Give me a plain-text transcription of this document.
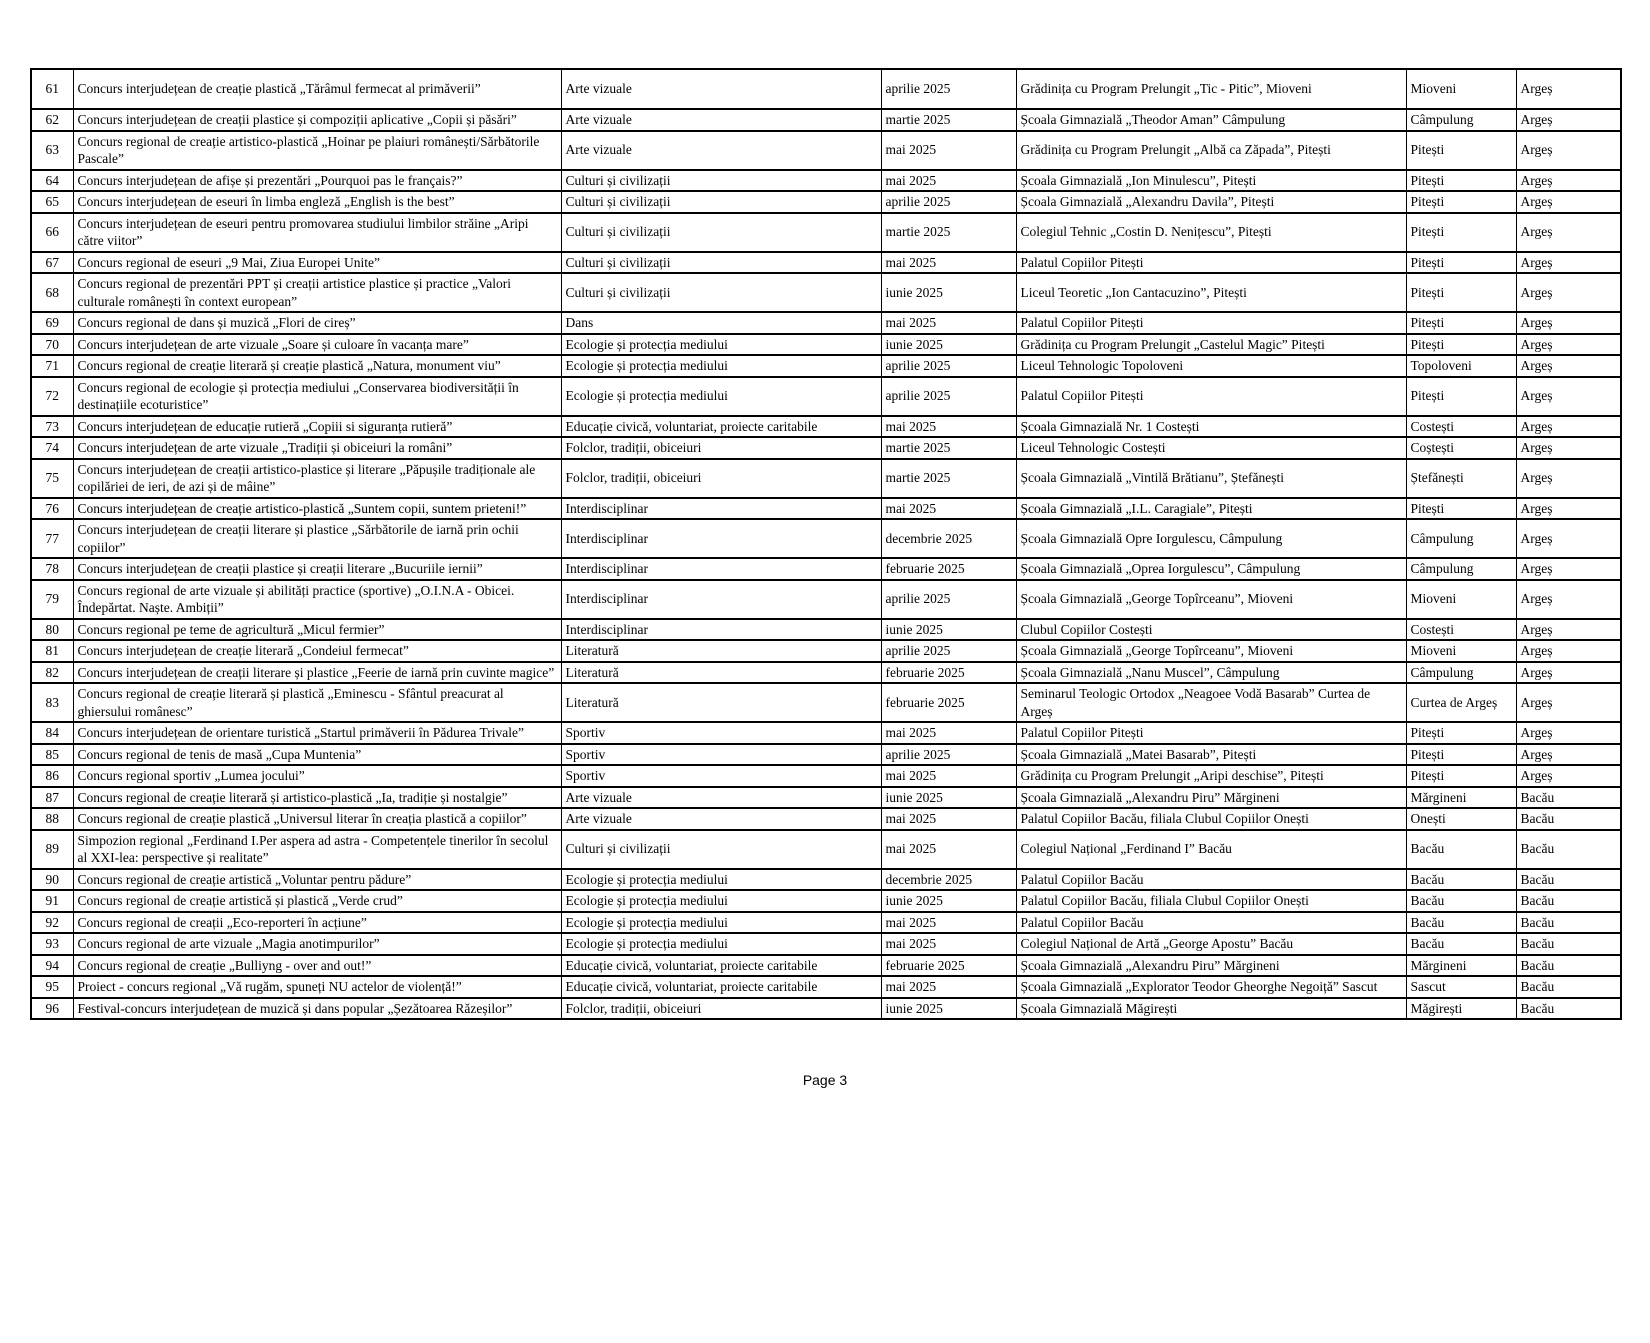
61	Concurs interjudețean de creație plastică „Tărâmul fermecat al primăverii”	Arte vizuale	aprilie 2025	Grădinița cu Program Prelungit „Tic - Pitic”, Mioveni	Mioveni	Argeș
62	Concurs interjudețean de creații plastice și compoziții aplicative „Copii și păsări”	Arte vizuale	martie 2025	Școala Gimnazială „Theodor Aman” Câmpulung	Câmpulung	Argeș
63	Concurs regional de creație artistico-plastică „Hoinar pe plaiuri românești/Sărbătorile Pascale”	Arte vizuale	mai 2025	Grădinița cu Program Prelungit „Albă ca Zăpada”, Pitești	Pitești	Argeș
64	Concurs interjudețean de afișe și prezentări „Pourquoi pas le français?”	Culturi și civilizații	mai 2025	Școala Gimnazială „Ion Minulescu”, Pitești	Pitești	Argeș
65	Concurs interjudețean de eseuri în limba engleză „English is the best”	Culturi și civilizații	aprilie 2025	Școala Gimnazială „Alexandru Davila”, Pitești	Pitești	Argeș
66	Concurs interjudețean de eseuri pentru promovarea studiului limbilor străine „Aripi către viitor”	Culturi și civilizații	martie 2025	Colegiul Tehnic „Costin D. Nenițescu”, Pitești	Pitești	Argeș
67	Concurs regional de eseuri „9 Mai, Ziua Europei Unite”	Culturi și civilizații	mai 2025	Palatul Copiilor Pitești	Pitești	Argeș
68	Concurs regional de prezentări PPT și creații artistice plastice și practice „Valori culturale românești în context european”	Culturi și civilizații	iunie 2025	Liceul Teoretic „Ion Cantacuzino”, Pitești	Pitești	Argeș
69	Concurs regional de dans și muzică „Flori de cireș”	Dans	mai 2025	Palatul Copiilor Pitești	Pitești	Argeș
70	Concurs interjudețean de arte vizuale „Soare și culoare în vacanța mare”	Ecologie și protecția mediului	iunie 2025	Grădinița cu Program Prelungit „Castelul Magic” Pitești	Pitești	Argeș
71	Concurs regional de creație literară și creație plastică „Natura, monument viu”	Ecologie și protecția mediului	aprilie 2025	Liceul Tehnologic Topoloveni	Topoloveni	Argeș
72	Concurs regional de ecologie și protecția mediului „Conservarea biodiversității în destinațiile ecoturistice”	Ecologie și protecția mediului	aprilie 2025	Palatul Copiilor Pitești	Pitești	Argeș
73	Concurs interjudețean de educație rutieră „Copiii si siguranța rutieră”	Educație civică, voluntariat, proiecte caritabile	mai 2025	Școala Gimnazială Nr. 1 Costești	Costești	Argeș
74	Concurs interjudețean de arte vizuale „Tradiții și obiceiuri la români”	Folclor, tradiții, obiceiuri	martie 2025	Liceul Tehnologic Costești	Coștești	Argeș
75	Concurs interjudețean de creații artistico-plastice și literare „Păpușile tradiționale ale copilăriei de ieri, de azi și de mâine”	Folclor, tradiții, obiceiuri	martie 2025	Școala Gimnazială „Vintilă Brătianu”, Ștefănești	Ștefănești	Argeș
76	Concurs interjudețean de creație artistico-plastică „Suntem copii, suntem prieteni!”	Interdisciplinar	mai 2025	Școala Gimnazială „I.L. Caragiale”, Pitești	Pitești	Argeș
77	Concurs interjudețean de creații literare și plastice „Sărbătorile de iarnă prin ochii copiilor”	Interdisciplinar	decembrie 2025	Școala Gimnazială Opre Iorgulescu, Câmpulung	Câmpulung	Argeș
78	Concurs interjudețean de creații plastice și creații literare „Bucuriile iernii”	Interdisciplinar	februarie 2025	Școala Gimnazială „Oprea Iorgulescu”, Câmpulung	Câmpulung	Argeș
79	Concurs regional de arte vizuale și abilități practice (sportive) „O.I.N.A - Obicei. Îndepărtat. Naște. Ambiții”	Interdisciplinar	aprilie 2025	Școala Gimnazială „George Topîrceanu”, Mioveni	Mioveni	Argeș
80	Concurs regional pe teme de agricultură „Micul fermier”	Interdisciplinar	iunie 2025	Clubul Copiilor Costești	Costești	Argeș
81	Concurs interjudețean de creație literară „Condeiul fermecat”	Literatură	aprilie 2025	Școala Gimnazială „George Topîrceanu”, Mioveni	Mioveni	Argeș
82	Concurs interjudețean de creații literare și plastice „Feerie de iarnă prin cuvinte magice”	Literatură	februarie 2025	Școala Gimnazială „Nanu Muscel”, Câmpulung	Câmpulung	Argeș
83	Concurs regional de creație literară și plastică „Eminescu - Sfântul preacurat al ghiersului românesc”	Literatură	februarie 2025	Seminarul Teologic Ortodox „Neagoee Vodă Basarab” Curtea de Argeș	Curtea de Argeș	Argeș
84	Concurs interjudețean de orientare turistică „Startul primăverii în Pădurea Trivale”	Sportiv	mai 2025	Palatul Copiilor Pitești	Pitești	Argeș
85	Concurs regional de tenis de masă „Cupa Muntenia”	Sportiv	aprilie 2025	Școala Gimnazială „Matei Basarab”, Pitești	Pitești	Argeș
86	Concurs regional sportiv „Lumea jocului”	Sportiv	mai 2025	Grădinița cu Program Prelungit „Aripi deschise”, Pitești	Pitești	Argeș
87	Concurs regional de creație literară și artistico-plastică „Ia, tradiție și nostalgie”	Arte vizuale	iunie 2025	Școala Gimnazială „Alexandru Piru” Mărgineni	Mărgineni	Bacău
88	Concurs regional de creație plastică „Universul literar în creația plastică a copiilor”	Arte vizuale	mai 2025	Palatul Copiilor Bacău, filiala Clubul Copiilor Onești	Onești	Bacău
89	Simpozion regional „Ferdinand I.Per aspera ad astra - Competențele tinerilor în secolul al XXI-lea: perspective și realitate”	Culturi și civilizații	mai 2025	Colegiul Național „Ferdinand I” Bacău	Bacău	Bacău
90	Concurs regional de creație artistică „Voluntar pentru pădure”	Ecologie și protecția mediului	decembrie 2025	Palatul Copiilor Bacău	Bacău	Bacău
91	Concurs regional de creație artistică și plastică „Verde crud”	Ecologie și protecția mediului	iunie 2025	Palatul Copiilor Bacău, filiala Clubul Copiilor Onești	Bacău	Bacău
92	Concurs regional de creații „Eco-reporteri în acțiune”	Ecologie și protecția mediului	mai 2025	Palatul Copiilor Bacău	Bacău	Bacău
93	Concurs regional de arte vizuale „Magia anotimpurilor”	Ecologie și protecția mediului	mai 2025	Colegiul Național de Artă „George Apostu” Bacău	Bacău	Bacău
94	Concurs regional de creație „Bulliyng - over and out!”	Educație civică, voluntariat, proiecte caritabile	februarie 2025	Școala Gimnazială „Alexandru Piru” Mărgineni	Mărgineni	Bacău
95	Proiect - concurs regional „Vă rugăm, spuneți NU actelor de violență!”	Educație civică, voluntariat, proiecte caritabile	mai 2025	Școala Gimnazială „Explorator Teodor Gheorghe Negoiță” Sascut	Sascut	Bacău
96	Festival-concurs interjudețean de muzică și dans popular „Șezătoarea Răzeșilor”	Folclor, tradiții, obiceiuri	iunie 2025	Școala Gimnazială Măgirești	Măgirești	Bacău
Page 3
